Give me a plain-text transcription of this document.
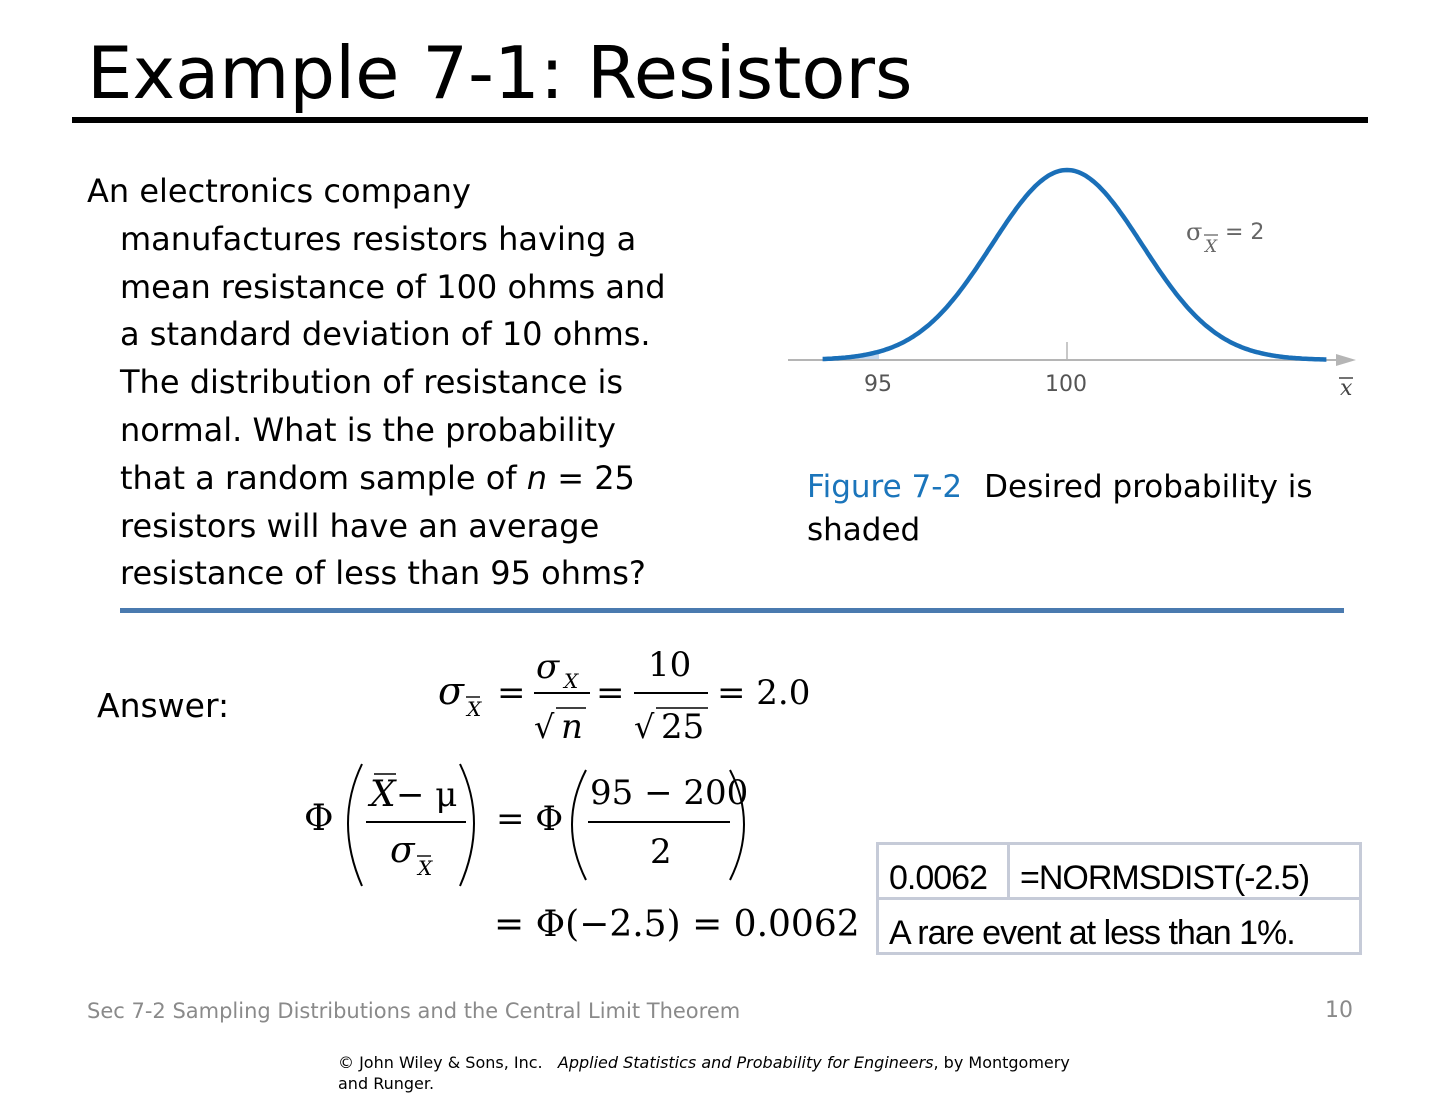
Example 7-1: Resistors

An electronics company
manufactures resistors having a
mean resistance of 100 ohms and
a standard deviation of 10 ohms.
The distribution of resistance is
normal. What is the probability
that a random sample of n = 25
resistors will have an average
resistance of less than 95 ohms?

95	100	x
σ
X
= 2
Figure 7-2 Desired probability is shaded
Answer:	σ X =
σ X
√ n
=
10
√ 25
= 2.0
Φ
X − μ
σ X
= Φ
95 − 200
2
= Φ(−2.5) = 0.0062
0.0062	=NORMSDIST(-2.5)
A rare event at less than 1%.
Sec 7-2 Sampling Distributions and the Central Limit Theorem	10
© John Wiley & Sons, Inc.   Applied Statistics and Probability for Engineers, by Montgomery and Runger.
